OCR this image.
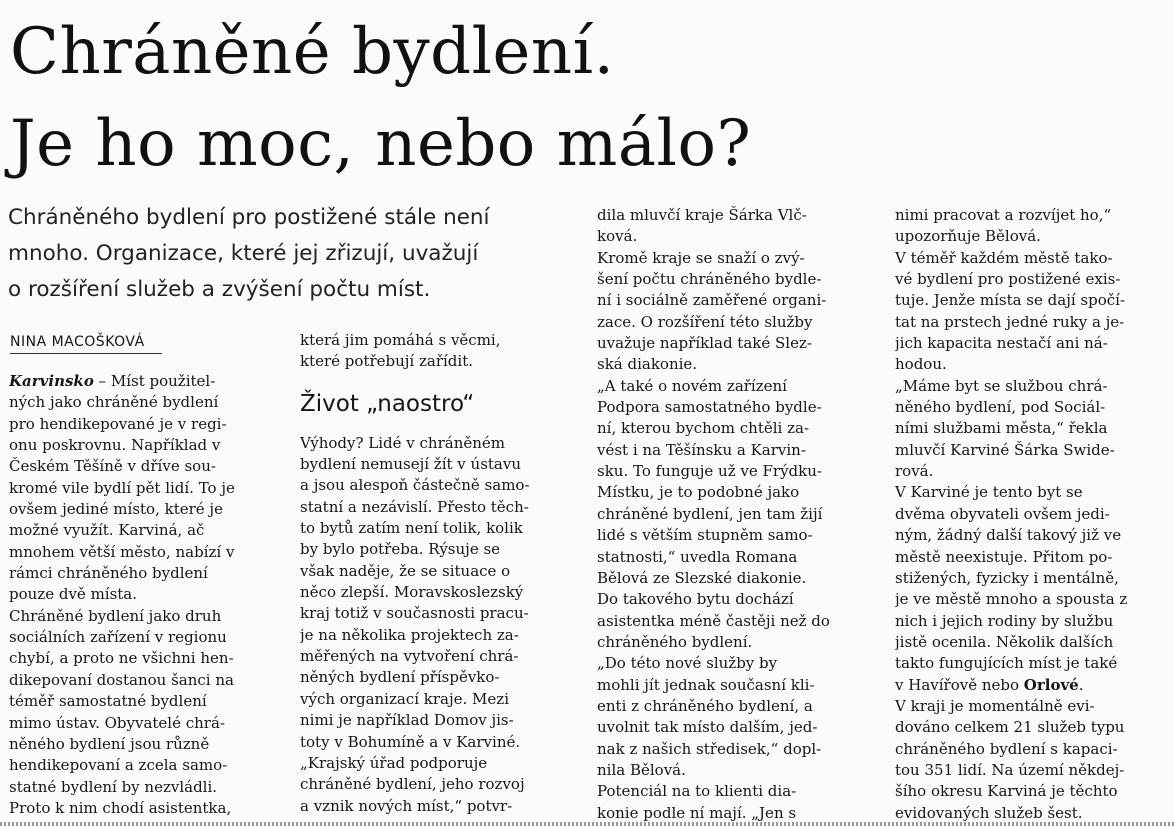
Chráněné bydlení.
Je ho moc, nebo málo?
Chráněného bydlení pro postižené stále není
mnoho. Organizace, které jej zřizují, uvažují
o rozšíření služeb a zvýšení počtu míst.
NINA MACOŠKOVÁ
Karvinsko – Míst použitel-
ných jako chráněné bydlení
pro hendikepované je v regi-
onu poskrovnu. Například v
Českém Těšíně v dříve sou-
kromé vile bydlí pět lidí. To je
ovšem jediné místo, které je
možné využít. Karviná, ač
mnohem větší město, nabízí v
rámci chráněného bydlení
pouze dvě místa.
Chráněné bydlení jako druh
sociálních zařízení v regionu
chybí, a proto ne všichni hen-
dikepovaní dostanou šanci na
téměř samostatné bydlení
mimo ústav. Obyvatelé chrá-
něného bydlení jsou různě
hendikepovaní a zcela samo-
statné bydlení by nezvládli.
Proto k nim chodí asistentka,
která jim pomáhá s věcmi,
které potřebují zařídit.
Život „naostro“
Výhody? Lidé v chráněném
bydlení nemusejí žít v ústavu
a jsou alespoň částečně samo-
statní a nezávislí. Přesto těch-
to bytů zatím není tolik, kolik
by bylo potřeba. Rýsuje se
však naděje, že se situace o
něco zlepší. Moravskoslezský
kraj totiž v současnosti pracu-
je na několika projektech za-
měřených na vytvoření chrá-
něných bydlení příspěvko-
vých organizací kraje. Mezi
nimi je například Domov jis-
toty v Bohumíně a v Karviné.
„Krajský úřad podporuje
chráněné bydlení, jeho rozvoj
a vznik nových míst,“ potvr-
dila mluvčí kraje Šárka Vlč-
ková.
Kromě kraje se snaží o zvý-
šení počtu chráněného bydle-
ní i sociálně zaměřené organi-
zace. O rozšíření této služby
uvažuje například také Slez-
ská diakonie.
„A také o novém zařízení
Podpora samostatného bydle-
ní, kterou bychom chtěli za-
vést i na Těšínsku a Karvin-
sku. To funguje už ve Frýdku-
Místku, je to podobné jako
chráněné bydlení, jen tam žijí
lidé s větším stupněm samo-
statnosti,“ uvedla Romana
Bělová ze Slezské diakonie.
Do takového bytu dochází
asistentka méně častěji než do
chráněného bydlení.
„Do této nové služby by
mohli jít jednak současní kli-
enti z chráněného bydlení, a
uvolnit tak místo dalším, jed-
nak z našich středisek,“ dopl-
nila Bělová.
Potenciál na to klienti dia-
konie podle ní mají. „Jen s
nimi pracovat a rozvíjet ho,“
upozorňuje Bělová.
V téměř každém městě tako-
vé bydlení pro postižené exis-
tuje. Jenže místa se dají spočí-
tat na prstech jedné ruky a je-
jich kapacita nestačí ani ná-
hodou.
„Máme byt se službou chrá-
něného bydlení, pod Sociál-
ními službami města,“ řekla
mluvčí Karviné Šárka Swide-
rová.
V Karviné je tento byt se
dvěma obyvateli ovšem jedi-
ným, žádný další takový již ve
městě neexistuje. Přitom po-
stižených, fyzicky i mentálně,
je ve městě mnoho a spousta z
nich i jejich rodiny by službu
jistě ocenila. Několik dalších
takto fungujících míst je také
v Havířově nebo Orlové.
V kraji je momentálně evi-
dováno celkem 21 služeb typu
chráněného bydlení s kapaci-
tou 351 lidí. Na území někdej-
šího okresu Karviná je těchto
evidovaných služeb šest.
